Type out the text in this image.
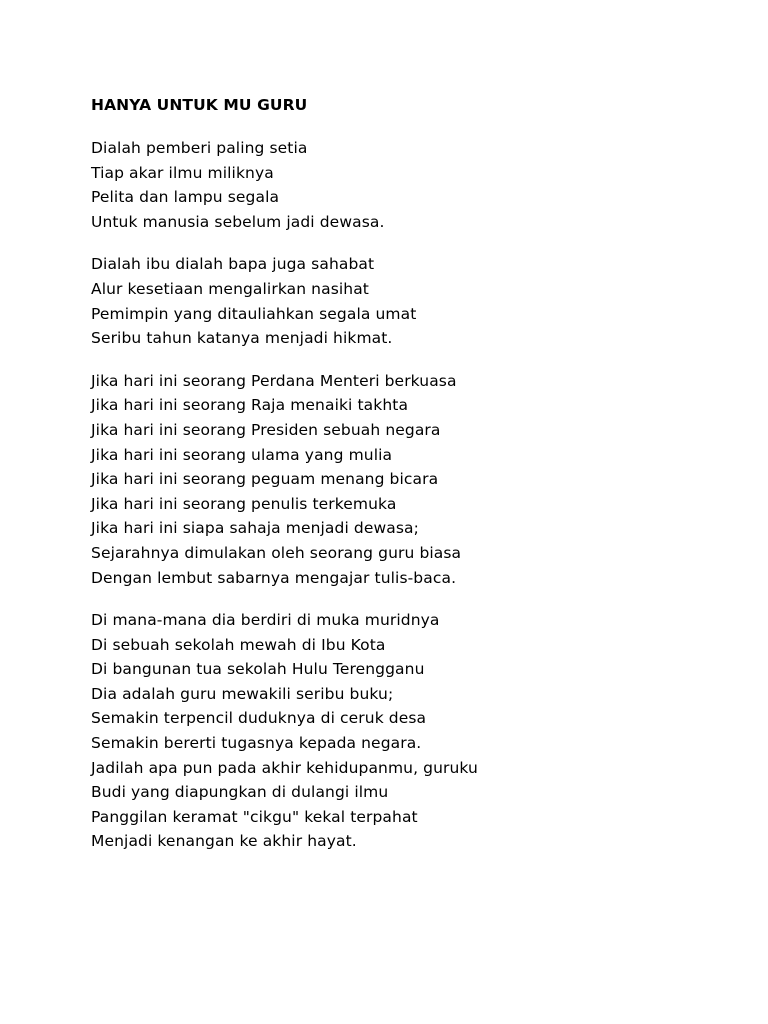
HANYA UNTUK MU GURU
Dialah pemberi paling setia
Tiap akar ilmu miliknya
Pelita dan lampu segala
Untuk manusia sebelum jadi dewasa.
Dialah ibu dialah bapa juga sahabat
Alur kesetiaan mengalirkan nasihat
Pemimpin yang ditauliahkan segala umat
Seribu tahun katanya menjadi hikmat.
Jika hari ini seorang Perdana Menteri berkuasa
Jika hari ini seorang Raja menaiki takhta
Jika hari ini seorang Presiden sebuah negara
Jika hari ini seorang ulama yang mulia
Jika hari ini seorang peguam menang bicara
Jika hari ini seorang penulis terkemuka
Jika hari ini siapa sahaja menjadi dewasa;
Sejarahnya dimulakan oleh seorang guru biasa
Dengan lembut sabarnya mengajar tulis-baca.
Di mana-mana dia berdiri di muka muridnya
Di sebuah sekolah mewah di Ibu Kota
Di bangunan tua sekolah Hulu Terengganu
Dia adalah guru mewakili seribu buku;
Semakin terpencil duduknya di ceruk desa
Semakin bererti tugasnya kepada negara.
Jadilah apa pun pada akhir kehidupanmu, guruku
Budi yang diapungkan di dulangi ilmu
Panggilan keramat "cikgu" kekal terpahat
Menjadi kenangan ke akhir hayat.
